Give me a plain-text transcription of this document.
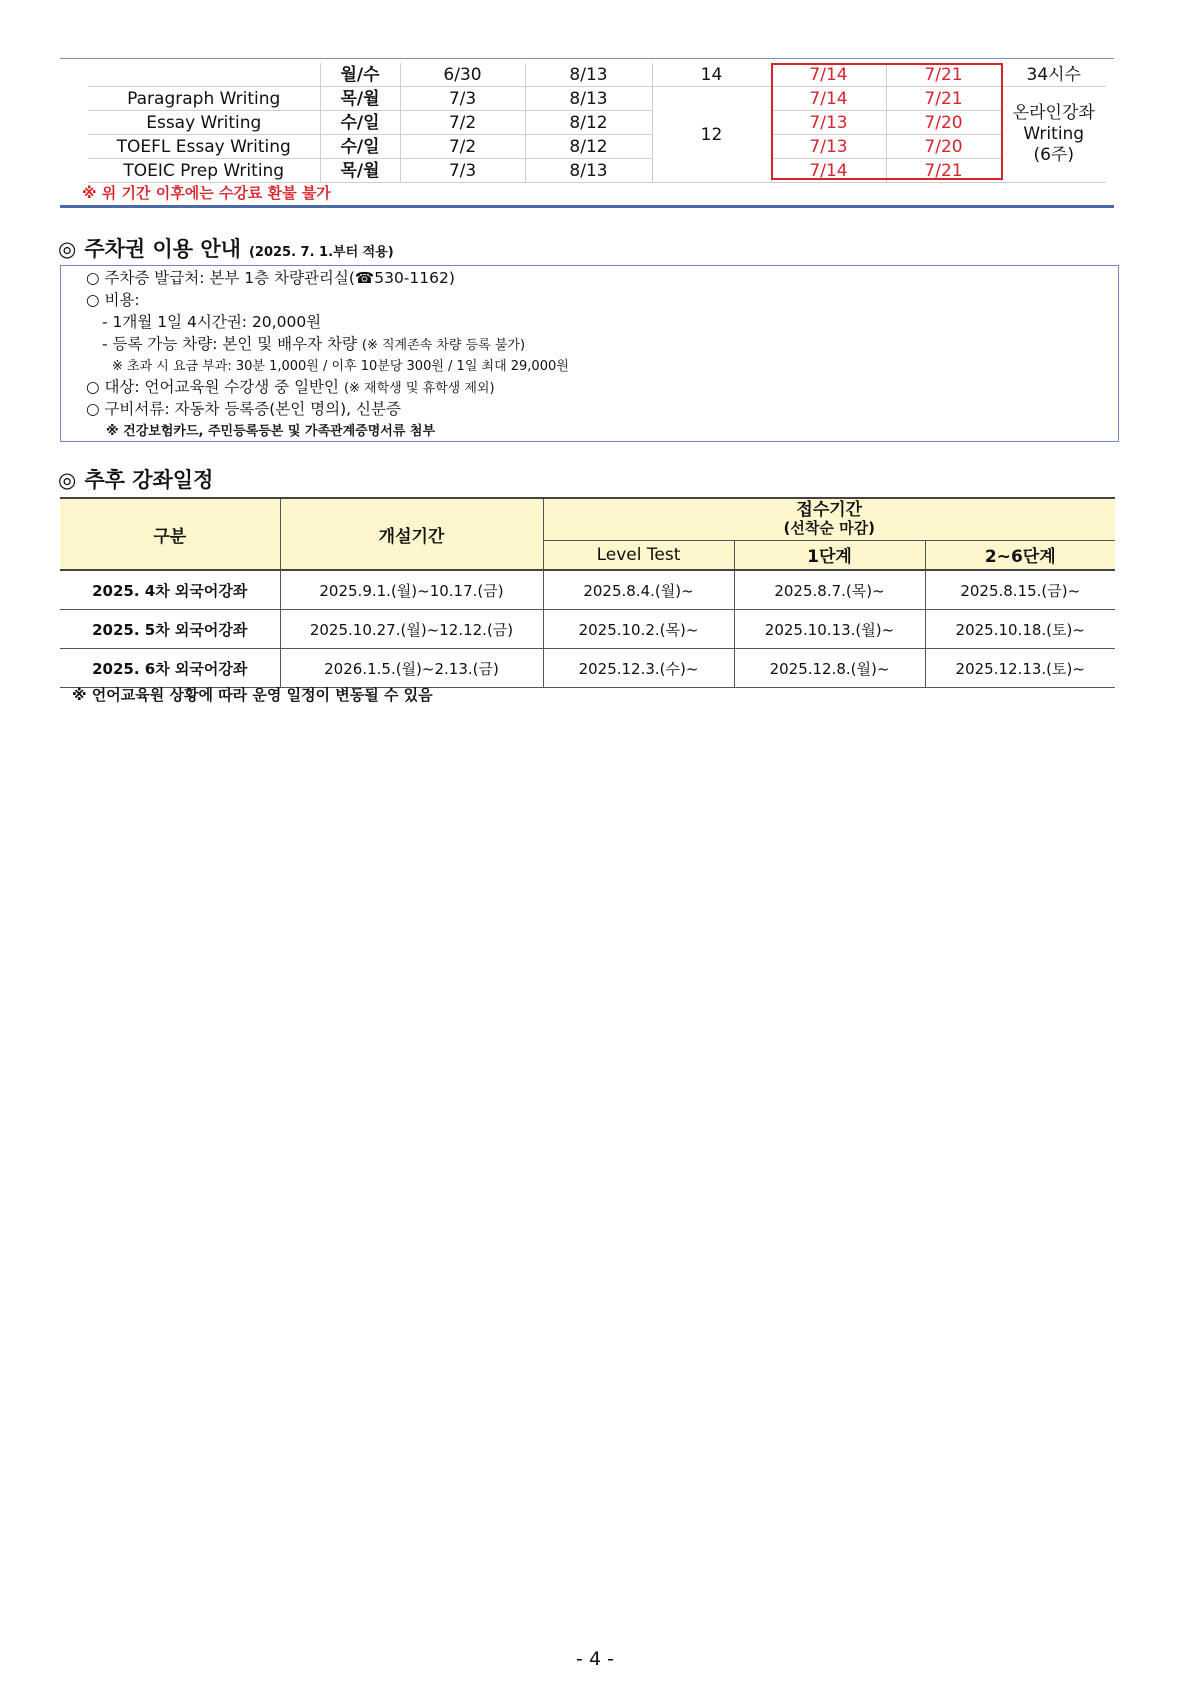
	월/수	6/30	8/13	14	7/14	7/21	34시수
Paragraph Writing	목/월	7/3	8/13	12	7/14	7/21	온라인강좌
Writing
(6주)

Essay Writing	수/일	7/2	8/12		7/13	7/20	
TOEFL Essay Writing	수/일	7/2	8/12		7/13	7/20	
TOEIC Prep Writing	목/월	7/3	8/13		7/14	7/21	
※ 위 기간 이후에는 수강료 환불 불가
◎ 주차권 이용 안내 (2025. 7. 1.부터 적용)
○ 주차증 발급처: 본부 1층 차량관리실(☎530-1162)
○ 비용:
- 1개월 1일 4시간권: 20,000원
- 등록 가능 차량: 본인 및 배우자 차량 (※ 직계존속 차량 등록 불가)
※ 초과 시 요금 부과: 30분 1,000원 / 이후 10분당 300원 / 1일 최대 29,000원
○ 대상: 언어교육원 수강생 중 일반인 (※ 재학생 및 휴학생 제외)
○ 구비서류: 자동차 등록증(본인 명의), 신분증
※ 건강보험카드, 주민등록등본 및 가족관계증명서류 첨부
◎ 추후 강좌일정
구분	개설기간	접수기간
(선착순 마감)		

		Level Test	1단계	2~6단계
2025. 4차 외국어강좌	2025.9.1.(월)~10.17.(금)	2025.8.4.(월)~	2025.8.7.(목)~	2025.8.15.(금)~
2025. 5차 외국어강좌	2025.10.27.(월)~12.12.(금)	2025.10.2.(목)~	2025.10.13.(월)~	2025.10.18.(토)~
2025. 6차 외국어강좌	2026.1.5.(월)~2.13.(금)	2025.12.3.(수)~	2025.12.8.(월)~	2025.12.13.(토)~
※ 언어교육원 상황에 따라 운영 일정이 변동될 수 있음
- 4 -
